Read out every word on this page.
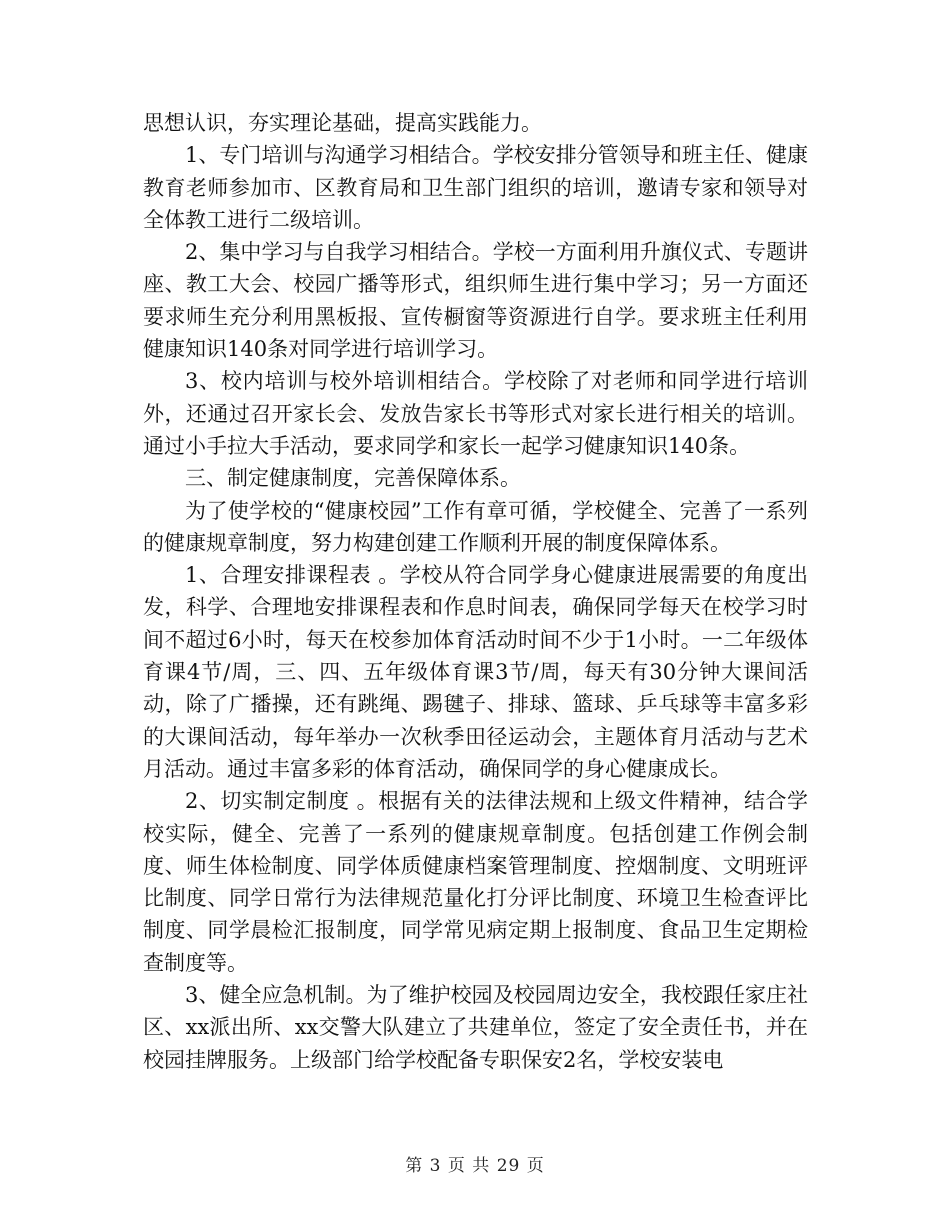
思想认识，夯实理论基础，提高实践能力。

1、专门培训与沟通学习相结合。学校安排分管领导和班主任、健康教育老师参加市、区教育局和卫生部门组织的培训，邀请专家和领导对全体教工进行二级培训。

2、集中学习与自我学习相结合。学校一方面利用升旗仪式、专题讲座、教工大会、校园广播等形式，组织师生进行集中学习；另一方面还要求师生充分利用黑板报、宣传橱窗等资源进行自学。要求班主任利用健康知识140条对同学进行培训学习。

3、校内培训与校外培训相结合。学校除了对老师和同学进行培训外，还通过召开家长会、发放告家长书等形式对家长进行相关的培训。通过小手拉大手活动，要求同学和家长一起学习健康知识140条。

三、制定健康制度，完善保障体系。

为了使学校的“健康校园”工作有章可循，学校健全、完善了一系列的健康规章制度，努力构建创建工作顺利开展的制度保障体系。

1、合理安排课程表 。学校从符合同学身心健康进展需要的角度出发，科学、合理地安排课程表和作息时间表，确保同学每天在校学习时间不超过6小时，每天在校参加体育活动时间不少于1小时。一二年级体育课4节/周，三、四、五年级体育课3节/周，每天有30分钟大课间活动，除了广播操，还有跳绳、踢毽子、排球、篮球、乒乓球等丰富多彩的大课间活动，每年举办一次秋季田径运动会，主题体育月活动与艺术月活动。通过丰富多彩的体育活动，确保同学的身心健康成长。

2、切实制定制度 。根据有关的法律法规和上级文件精神，结合学校实际，健全、完善了一系列的健康规章制度。包括创建工作例会制度、师生体检制度、同学体质健康档案管理制度、控烟制度、文明班评比制度、同学日常行为法律规范量化打分评比制度、环境卫生检查评比制度、同学晨检汇报制度，同学常见病定期上报制度、食品卫生定期检查制度等。

3、健全应急机制。为了维护校园及校园周边安全，我校跟任家庄社区、xx派出所、xx交警大队建立了共建单位，签定了安全责任书，并在校园挂牌服务。上级部门给学校配备专职保安2名，学校安装电

第 3 页 共 29 页
